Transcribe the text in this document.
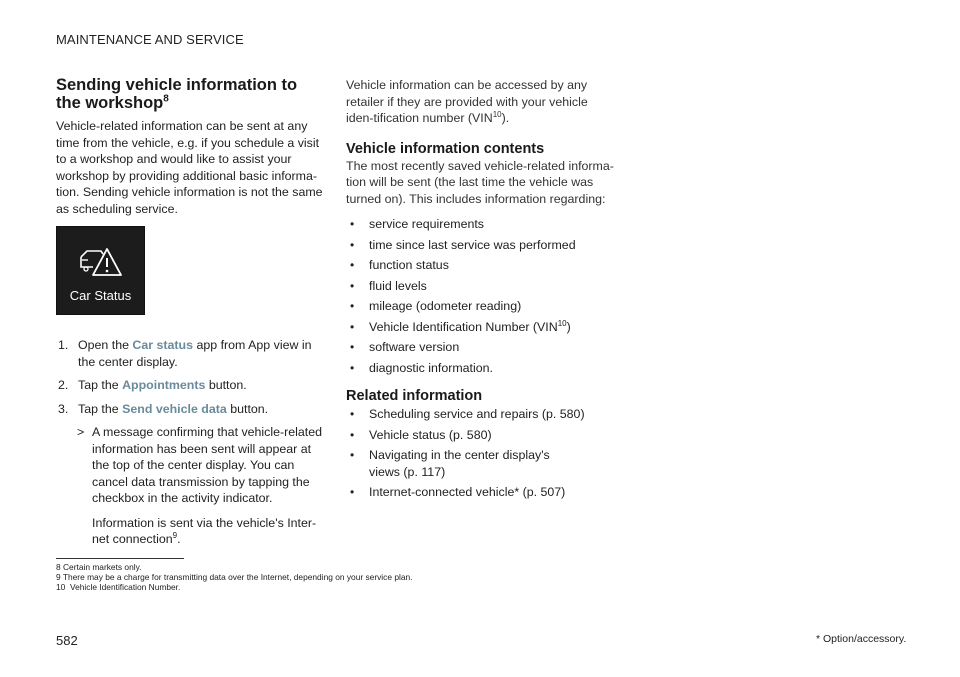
MAINTENANCE AND SERVICE
Sending vehicle information to the workshop$^8$

Vehicle-related information can be sent at any time from the vehicle, e.g. if you schedule a visit to a workshop and would like to assist your workshop by providing additional basic informa-tion. Sending vehicle information is not the same as scheduling service.

Car Status
1. Open the Car status app from App view in the center display.
2. Tap the Appointments button.
3. Tap the Send vehicle data button.
> A message confirming that vehicle-related information has been sent will appear at the top of the center display. You can cancel data transmission by tapping the checkbox in the activity indicator.
Information is sent via the vehicle's Inter-net connection$^9$.

Vehicle information can be accessed by any retailer if they are provided with your vehicle iden-tification number (VIN$^{10}$).

Vehicle information contents

The most recently saved vehicle-related informa-tion will be sent (the last time the vehicle was turned on). This includes information regarding:

• service requirements
• time since last service was performed
• function status
• fluid levels
• mileage (odometer reading)
• Vehicle Identification Number (VIN$^{10}$)
• software version
• diagnostic information.
Related information
• Scheduling service and repairs (p. 580)
• Vehicle status (p. 580)
• Navigating in the center display's views (p. 117)
• Internet-connected vehicle* (p. 507)
8 Certain markets only.
9 There may be a charge for transmitting data over the Internet, depending on your service plan.
10 Vehicle Identification Number.
582	* Option/accessory.
